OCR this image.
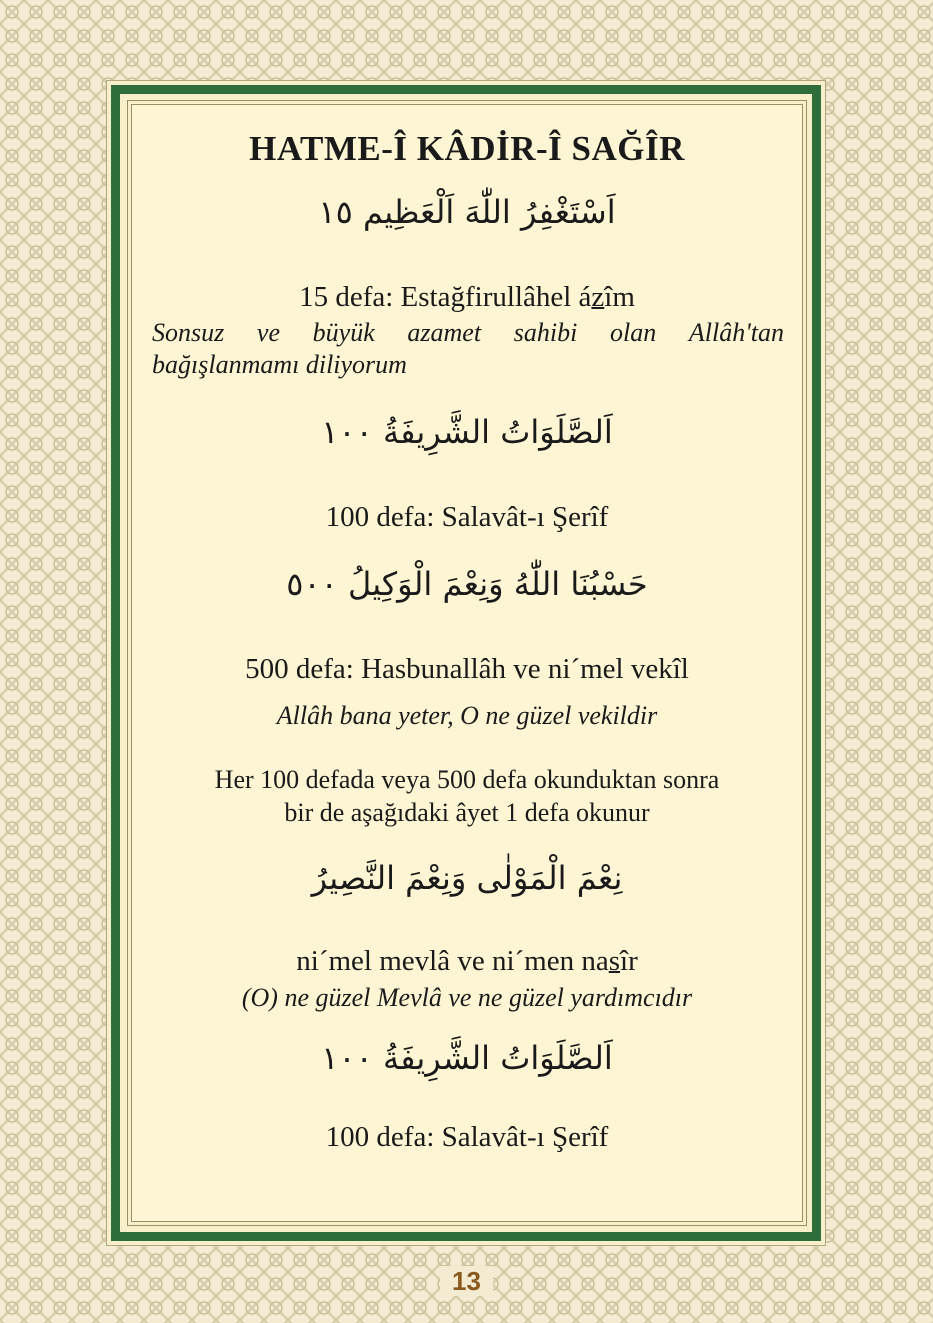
HATME-Î KÂDİR-Î SAĞÎR
اَسْتَغْفِرُ اللّٰهَ اَلْعَظِيم ١٥
15 defa: Estağfirullâhel ázîm
Sonsuz ve büyük azamet sahibi olan Allâh'tan
bağışlanmamı diliyorum
اَلصَّلَوَاتُ الشَّرِيفَةُ ١٠٠
100 defa: Salavât-ı Şerîf
حَسْبُنَا اللّٰهُ وَنِعْمَ الْوَكِيلُ ٥٠٠
500 defa: Hasbunallâh ve ni´mel vekîl
Allâh bana yeter, O ne güzel vekildir
Her 100 defada veya 500 defa okunduktan sonra
bir de aşağıdaki âyet 1 defa okunur
نِعْمَ الْمَوْلٰى وَنِعْمَ النَّصِيرُ
ni´mel mevlâ ve ni´men nasîr
(O) ne güzel Mevlâ ve ne güzel yardımcıdır
اَلصَّلَوَاتُ الشَّرِيفَةُ ١٠٠
100 defa: Salavât-ı Şerîf
13
